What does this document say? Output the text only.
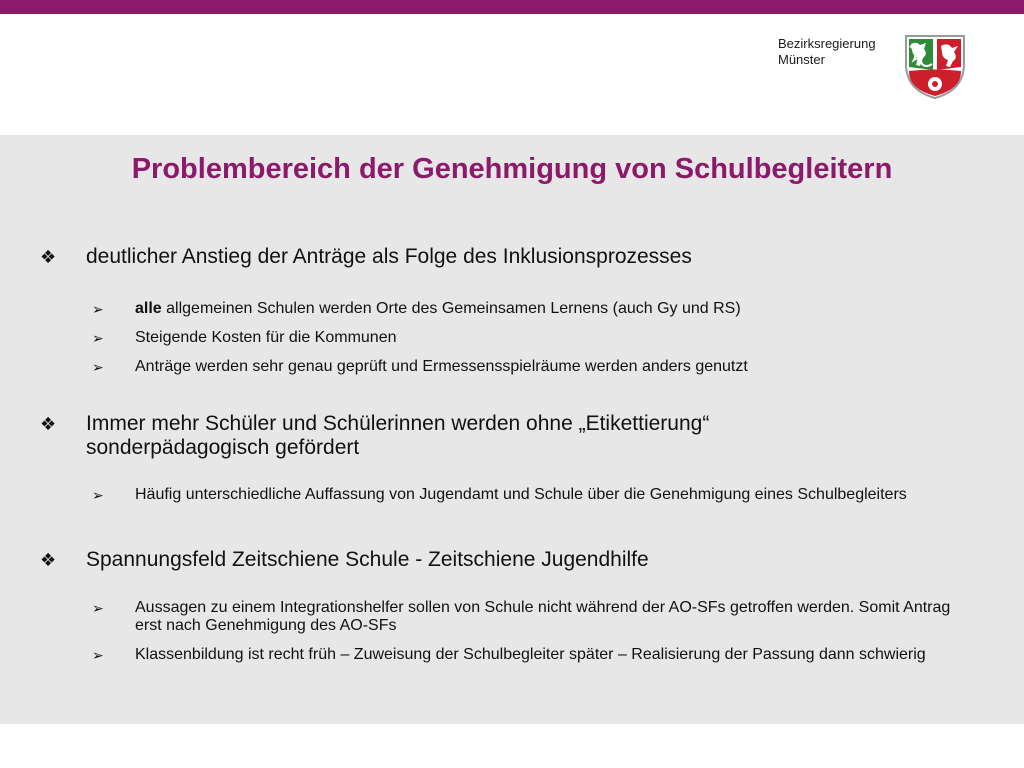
Bezirksregierung
Münster
Problembereich der Genehmigung von Schulbegleitern
❖ deutlicher Anstieg der Anträge als Folge des Inklusionsprozesses
➢ alle allgemeinen Schulen werden Orte des Gemeinsamen Lernens (auch Gy und RS)
➢ Steigende Kosten für die Kommunen
➢ Anträge werden sehr genau geprüft und Ermessensspielräume werden anders genutzt
❖ Immer mehr Schüler und Schülerinnen werden ohne „Etikettierung“ sonderpädagogisch gefördert
➢ Häufig unterschiedliche Auffassung von Jugendamt und Schule über die Genehmigung eines Schulbegleiters
❖ Spannungsfeld Zeitschiene Schule - Zeitschiene Jugendhilfe
➢ Aussagen zu einem Integrationshelfer sollen von Schule nicht während der AO-SFs getroffen werden. Somit Antrag erst nach Genehmigung des AO-SFs
➢ Klassenbildung ist recht früh – Zuweisung der Schulbegleiter später – Realisierung der Passung dann schwierig
